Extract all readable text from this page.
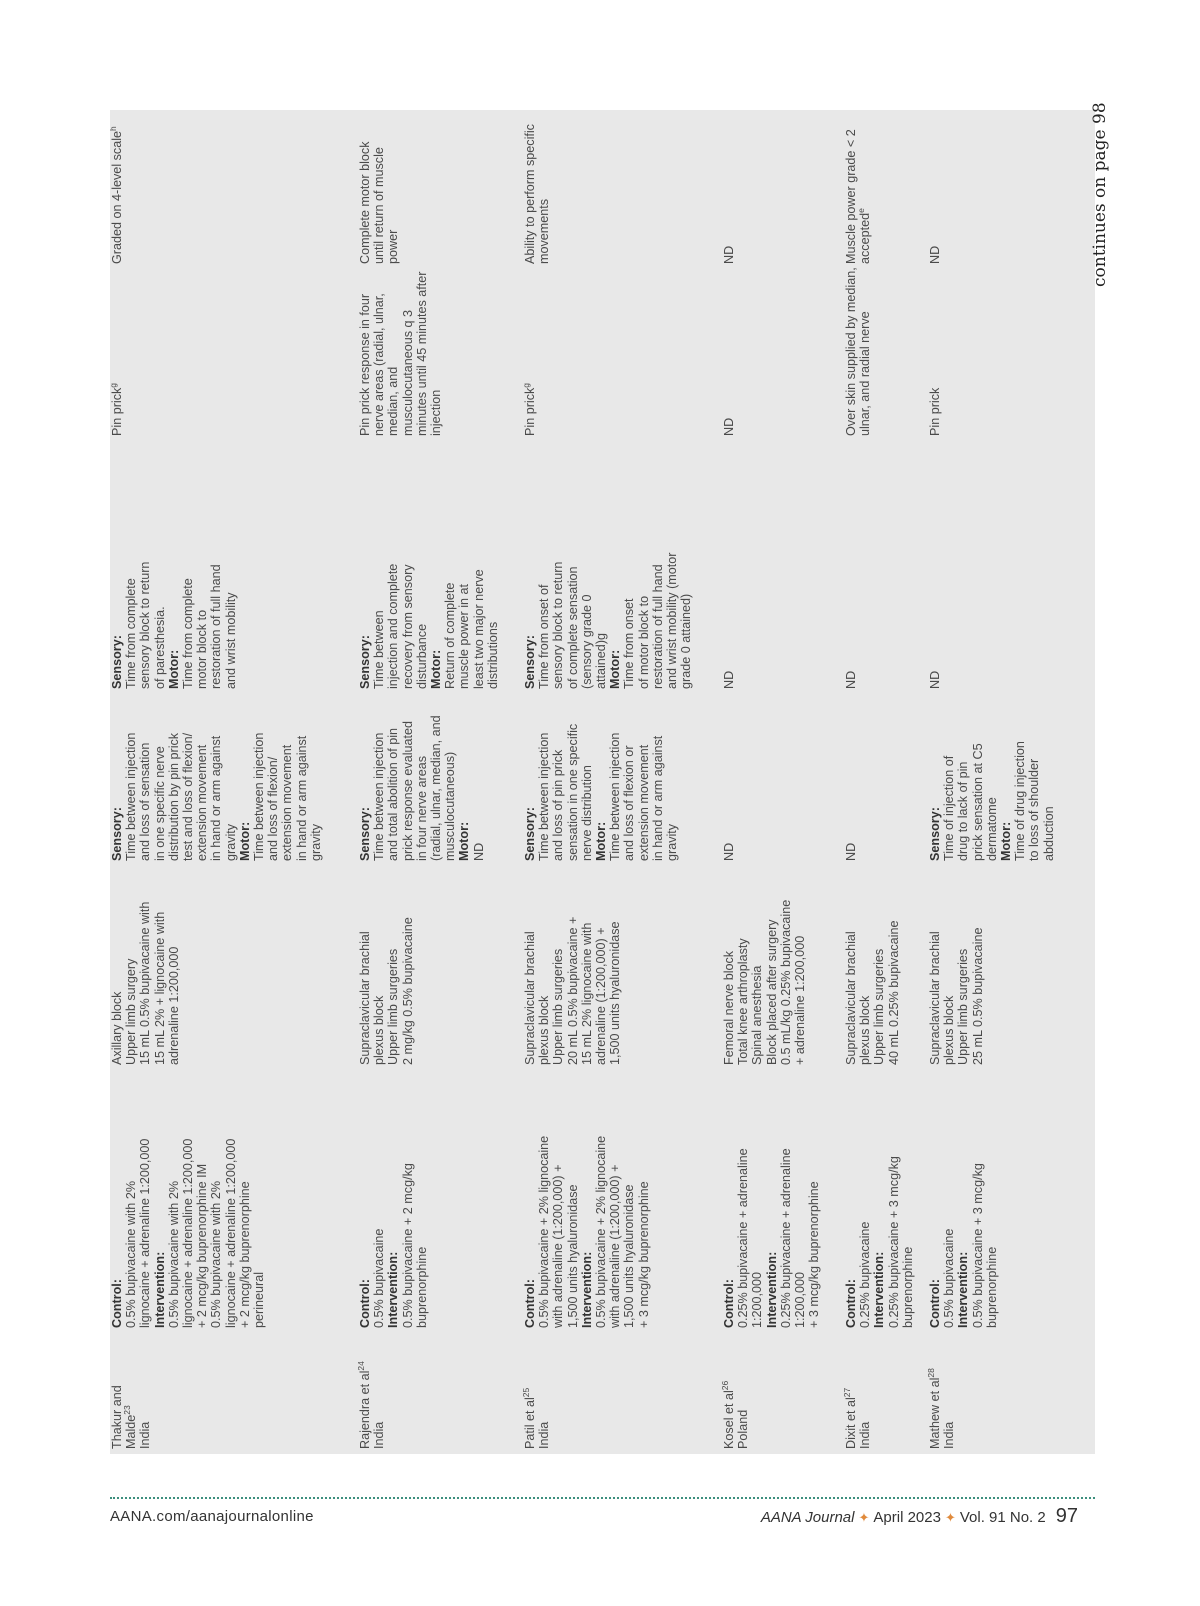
Thakur and Malde$^{23}$
India
Control: 0.5% bupivacaine with 2% lignocaine + adrenaline 1:200,000 Intervention: 0.5% bupivacaine with 2% lignocaine + adrenaline 1:200,000 + 2 mcg/kg buprenorphine IM 0.5% bupivacaine with 2% lignocaine + adrenaline 1:200,000 + 2 mcg/kg buprenorphine perineural
Axillary block Upper limb surgery 15 mL 0.5% bupivacaine with 15 mL 2% + lignocaine with adrenaline 1:200,000
Sensory: Time between injection and loss of sensation in one specific nerve distribution by pin prick test and loss of flexion/ extension movement in hand or arm against gravity Motor: Time between injection and loss of flexion/ extension movement in hand or arm against gravity
Sensory: Time from complete sensory block to return of paresthesia. Motor: Time from complete motor block to restoration of full hand and wrist mobility
Pin prick$^g$
Graded on 4-level scale$^h$
Rajendra et $al^{24}$
India
Control: 0.5% bupivacaine Intervention: 0.5% bupivacaine + 2 mcg/kg buprenorphine
Supraclavicular brachial plexus block Upper limb surgeries 2 mg/kg 0.5% bupivacaine
Sensory: Time between injection and total abolition of pin prick response evaluated in four nerve areas (radial, ulnar, median, and musculocutaneous) Motor: ND
Sensory: Time between injection and complete recovery from sensory disturbance Motor: Return of complete muscle power in at least two major nerve distributions
Pin prick response in four nerve areas (radial, ulnar, median, and musculocutaneous q 3 minutes until 45 minutes after injection
Complete motor block until return of muscle power
Patil et $al^{25}$
India
Control: 0.5% bupivacaine + 2% lignocaine with adrenaline (1:200,000) + 1,500 units hyaluronidase Intervention: 0.5% bupivacaine + 2% lignocaine with adrenaline (1:200,000) + 1,500 units hyaluronidase + 3 mcg/kg buprenorphine
Supraclavicular brachial plexus block Upper limb surgeries 20 mL 0.5% bupivacaine + 15 mL 2% lignocaine with adrenaline (1:200,000) + 1,500 units hyaluronidase
Sensory: Time between injection and loss of pin prick sensation in one specific nerve distribution Motor: Time between injection and loss of flexion or extension movement in hand or arm against gravity
Sensory: Time from onset of sensory block to return of complete sensation (sensory grade 0 attained)g Motor: Time from onset of motor block to restoration of full hand and wrist mobility (motor grade 0 attained)
Pin prick$^g$
Ability to perform specific movements
Kosel et $al^{26}$
Poland
Control: 0.25% bupivacaine + adrenaline 1:200,000 Intervention: 0.25% bupivacaine + adrenaline 1:200,000 + 3 mcg/kg buprenorphine
Femoral nerve block Total knee arthroplasty Spinal anesthesia Block placed after surgery 0.5 mL/kg 0.25% bupivacaine + adrenaline 1:200,000
ND
ND
ND
ND
Dixit et $al^{27}$
India
Control: 0.25% bupivacaine Intervention: 0.25% bupivacaine + 3 mcg/kg buprenorphine
Supraclavicular brachial plexus block Upper limb surgeries 40 mL 0.25% bupivacaine
ND
ND
Over skin supplied by median, ulnar, and radial nerve
Muscle power grade < 2 accepted$^e$
Mathew et $al^{28}$
India
Control: 0.5% bupivacaine Intervention: 0.5% bupivacaine + 3 mcg/kg buprenorphine
Supraclavicular brachial plexus block Upper limb surgeries 25 mL 0.5% bupivacaine
Sensory: Time of injection of drug to lack of pin prick sensation at C5 dermatome Motor: Time of drug injection to loss of shoulder abduction
ND
Pin prick
ND	continues on page 98
AANA.com/aanajournalonline	AANA Journal ✦ April 2023 ✦ Vol. 91 No. 2 97
